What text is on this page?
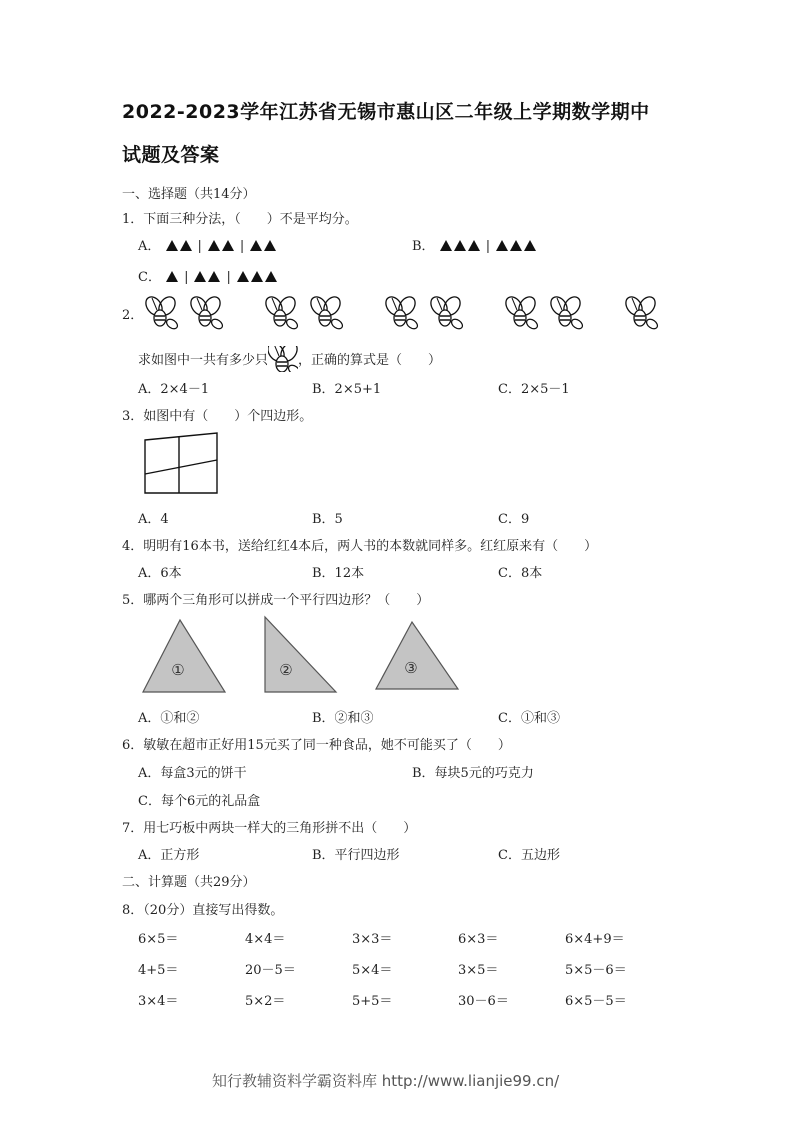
2022-2023学年江苏省无锡市惠山区二年级上学期数学期中
试题及答案
一、选择题（共14分）
1．下面三种分法，（　　）不是平均分。
A．	|	|	B．	|
C． |	|
2．
求如图中一共有多少只 ，正确的算式是（　　）
A．2×4－1	B．2×5+1	C．2×5－1
3．如图中有（　　）个四边形。
A．4	B．5	C．9
4．明明有16本书，送给红红4本后，两人书的本数就同样多。红红原来有（　　）
A．6本	B．12本	C．8本
5．哪两个三角形可以拼成一个平行四边形？（　　）
①	②	③
A．①和②	B．②和③	C．①和③
6．敏敏在超市正好用15元买了同一种食品，她不可能买了（　　）
A．每盒3元的饼干	B．每块5元的巧克力
C．每个6元的礼品盒
7．用七巧板中两块一样大的三角形拼不出（　　）
A．正方形	B．平行四边形	C．五边形
二、计算题（共29分）
8．（20分）直接写出得数。
6×5＝	4×4＝	3×3＝	6×3＝	6×4+9＝
4+5＝	20－5＝	5×4＝	3×5＝	5×5－6＝
3×4＝	5×2＝	5+5＝	30－6＝	6×5－5＝
知行教辅资料学霸资料库 http://www.lianjie99.cn/
